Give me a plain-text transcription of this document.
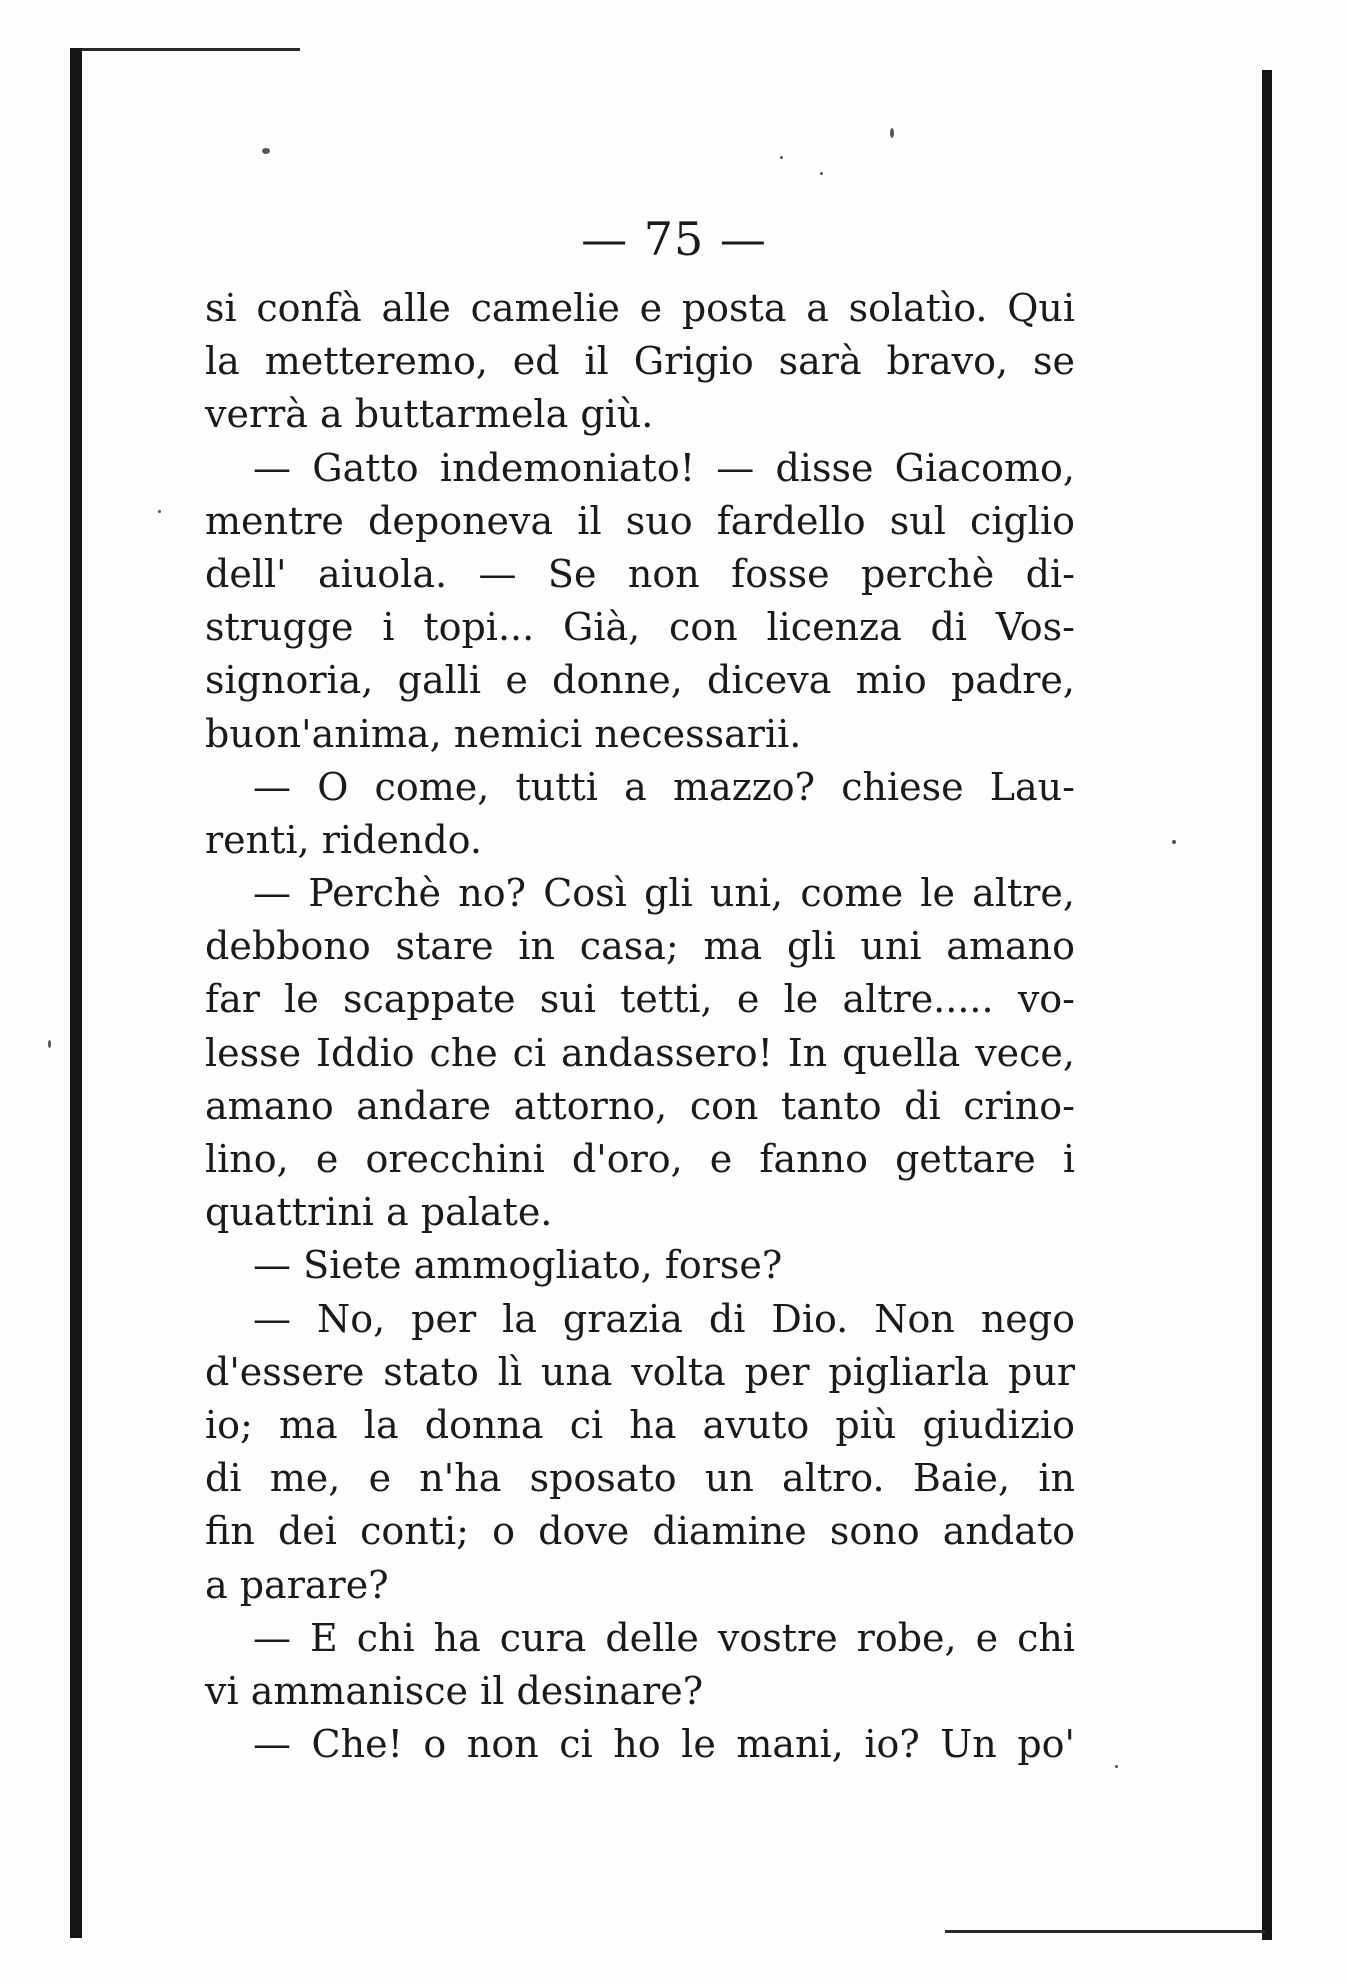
— 75 —
si confà alle camelie e posta a solatìo. Qui
la metteremo, ed il Grigio sarà bravo, se
verrà a buttarmela giù.
— Gatto indemoniato! — disse Giacomo,
mentre deponeva il suo fardello sul ciglio
dell' aiuola. — Se non fosse perchè di-
strugge i topi... Già, con licenza di Vos-
signoria, galli e donne, diceva mio padre,
buon'anima, nemici necessarii.
— O come, tutti a mazzo? chiese Lau-
renti, ridendo.
— Perchè no? Così gli uni, come le altre,
debbono stare in casa; ma gli uni amano
far le scappate sui tetti, e le altre..... vo-
lesse Iddio che ci andassero! In quella vece,
amano andare attorno, con tanto di crino-
lino, e orecchini d'oro, e fanno gettare i
quattrini a palate.
— Siete ammogliato, forse?
— No, per la grazia di Dio. Non nego
d'essere stato lì una volta per pigliarla pur
io; ma la donna ci ha avuto più giudizio
di me, e n'ha sposato un altro. Baie, in
fin dei conti; o dove diamine sono andato
a parare?
— E chi ha cura delle vostre robe, e chi
vi ammanisce il desinare?
— Che! o non ci ho le mani, io? Un po'
